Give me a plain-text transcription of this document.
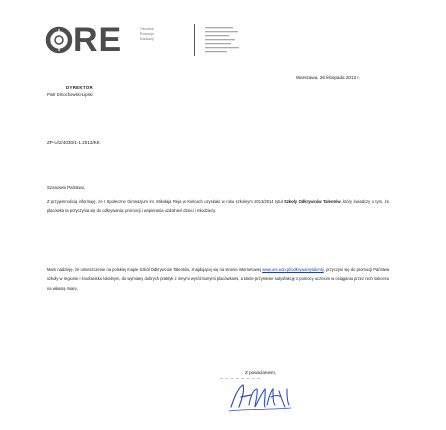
RE	Ośrodek
Rozwoju
Edukacji
Warszawa, 26 listopada 2013 r.
DYREKTOR
Piotr Dmochowski-Lipski
ZP-U/2/4030/1-1.2013/KK
Szanowni Państwo,
Z przyjemnością informuję, że I Społeczne Gimnazjum im. Mikołaja Reja w Kielcach uzyskało w roku szkolnym 2013/2014 tytuł Szkoły Odkrywców Talentów, który świadczy o tym, że placówka ta przyczynia się do odkrywania, promocji i wspierania uzdolnień dzieci i młodzieży.
Mam nadzieję, że umieszczenie na polskiej mapie Szkół Odkrywców Talentów, znajdującej się na stronie internetowej www.ore.edu.pl/odkrywamytalenty, przyczyni się do promocji Państwa szkoły w regionie i środowisku lokalnym, do wymiany dobrych praktyk z innymi wyróżnionymi placówkami, a także przyniesie satysfakcję z pomocy uczniom w osiąganiu przez nich sukcesu na własną miarę.
Z poważaniem,
